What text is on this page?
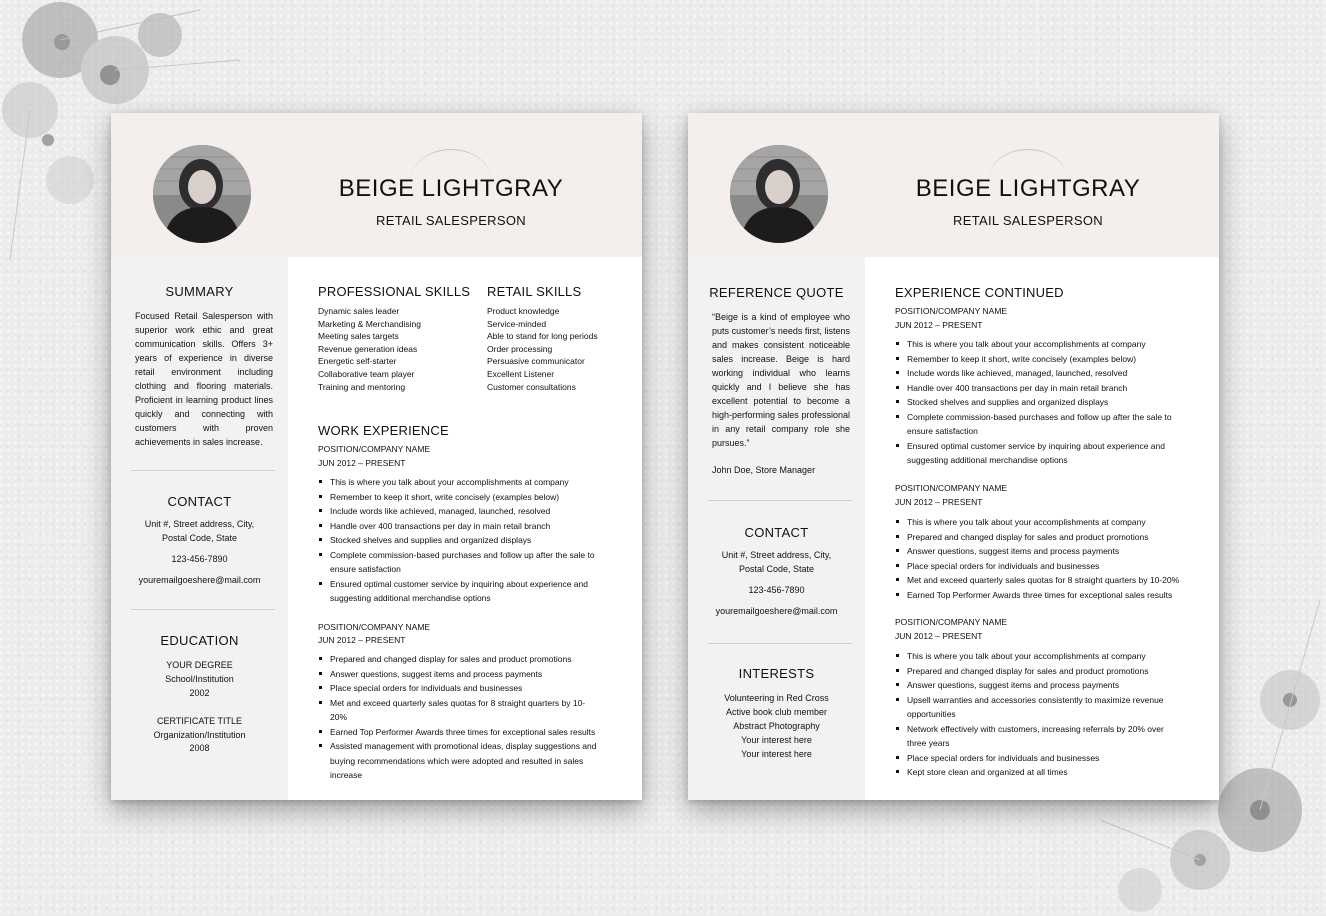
BEIGE LIGHTGRAY
RETAIL SALESPERSON
SUMMARY
Focused Retail Salesperson with superior work ethic and great communication skills. Offers 3+ years of experience in diverse retail environment including clothing and flooring materials. Proficient in learning product lines quickly and connecting with customers with proven achievements in sales increase.
CONTACT
Unit #, Street address, City,
Postal Code, State
123-456-7890
youremailgoeshere@mail.com
EDUCATION
YOUR DEGREE
School/Institution
2002
CERTIFICATE TITLE
Organization/Institution
2008
PROFESSIONAL SKILLS
Dynamic sales leader
Marketing & Merchandising
Meeting sales targets
Revenue generation ideas
Energetic self-starter
Collaborative team player
Training and mentoring
RETAIL SKILLS
Product knowledge
Service-minded
Able to stand for long periods
Order processing
Persuasive communicator
Excellent Listener
Customer consultations
WORK EXPERIENCE
POSITION/COMPANY NAME
JUN 2012 – PRESENT
This is where you talk about your accomplishments at company
Remember to keep it short, write concisely (examples below)
Include words like achieved, managed, launched, resolved
Handle over 400 transactions per day in main retail branch
Stocked shelves and supplies and organized displays
Complete commission-based purchases and follow up after the sale to ensure satisfaction
Ensured optimal customer service by inquiring about experience and suggesting additional merchandise options
POSITION/COMPANY NAME
JUN 2012 – PRESENT
Prepared and changed display for sales and product promotions
Answer questions, suggest items and process payments
Place special orders for individuals and businesses
Met and exceed quarterly sales quotas for 8 straight quarters by 10-20%
Earned Top Performer Awards three times for exceptional sales results
Assisted management with promotional ideas, display suggestions and buying recommendations which were adopted and resulted in sales increase
BEIGE LIGHTGRAY
RETAIL SALESPERSON
REFERENCE QUOTE
“Beige is a kind of employee who puts customer’s needs first, listens and makes consistent noticeable sales increase. Beige is hard working individual who learns quickly and I believe she has excellent potential to become a high-performing sales professional in any retail company role she pursues.”
John Doe, Store Manager
CONTACT
Unit #, Street address, City,
Postal Code, State
123-456-7890
youremailgoeshere@mail.com
INTERESTS
Volunteering in Red Cross
Active book club member
Abstract Photography
Your interest here
Your interest here
EXPERIENCE CONTINUED
POSITION/COMPANY NAME
JUN 2012 – PRESENT
This is where you talk about your accomplishments at company
Remember to keep it short, write concisely (examples below)
Include words like achieved, managed, launched, resolved
Handle over 400 transactions per day in main retail branch
Stocked shelves and supplies and organized displays
Complete commission-based purchases and follow up after the sale to ensure satisfaction
Ensured optimal customer service by inquiring about experience and suggesting additional merchandise options
POSITION/COMPANY NAME
JUN 2012 – PRESENT
This is where you talk about your accomplishments at company
Prepared and changed display for sales and product promotions
Answer questions, suggest items and process payments
Place special orders for individuals and businesses
Met and exceed quarterly sales quotas for 8 straight quarters by 10-20%
Earned Top Performer Awards three times for exceptional sales results
POSITION/COMPANY NAME
JUN 2012 – PRESENT
This is where you talk about your accomplishments at company
Prepared and changed display for sales and product promotions
Answer questions, suggest items and process payments
Upsell warranties and accessories consistently to maximize revenue opportunities
Network effectively with customers, increasing referrals by 20% over three years
Place special orders for individuals and businesses
Kept store clean and organized at all times
